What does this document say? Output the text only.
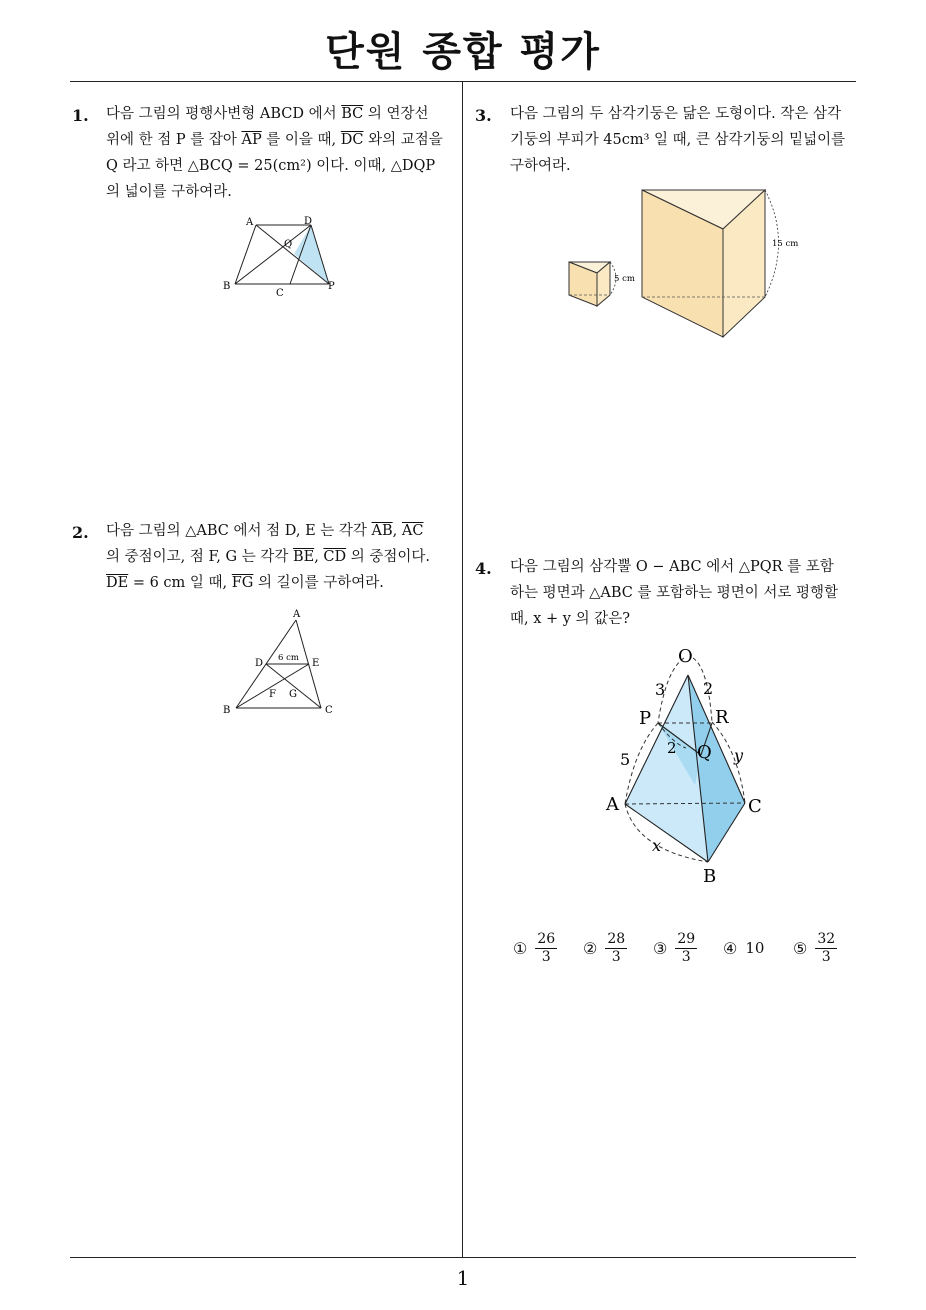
단원 종합 평가
1
1. 다음 그림의 평행사변형 ABCD 에서 $\overline{BC}$ 의 연장선
위에 한 점 P 를 잡아 $\overline{AP}$ 를 이을 때, $\overline{DC}$ 와의 교점을
Q 라고 하면 △BCQ = 25(cm²) 이다. 이때, △DQP
의 넓이를 구하여라.
A	D
Q
B
C
P
2. 다음 그림의 △ABC 에서 점 D, E 는 각각 $\overline{AB}$, $\overline{AC}$
의 중점이고, 점 F, G 는 각각 $\overline{BE}$, $\overline{CD}$ 의 중점이다.
$\overline{DE} = 6$ cm 일 때, $\overline{FG}$ 의 길이를 구하여라.
A
D	E
6 cm
F G
B	C
3. 다음 그림의 두 삼각기둥은 닮은 도형이다. 작은 삼각
기둥의 부피가 45cm³ 일 때, 큰 삼각기둥의 밑넓이를
구하여라.
5 cm
15 cm
4. 다음 그림의 삼각뿔 O − ABC 에서 △PQR 를 포함
하는 평면과 △ABC 를 포함하는 평면이 서로 평행할
때, x + y 의 값은?
O
3 2
P	R
2 Q y
5
A	C
x
B
① $\frac{26}{3}$ ② $\frac{28}{3}$ ③ $\frac{29}{3}$ ④ 10 ⑤ $\frac{32}{3}$
